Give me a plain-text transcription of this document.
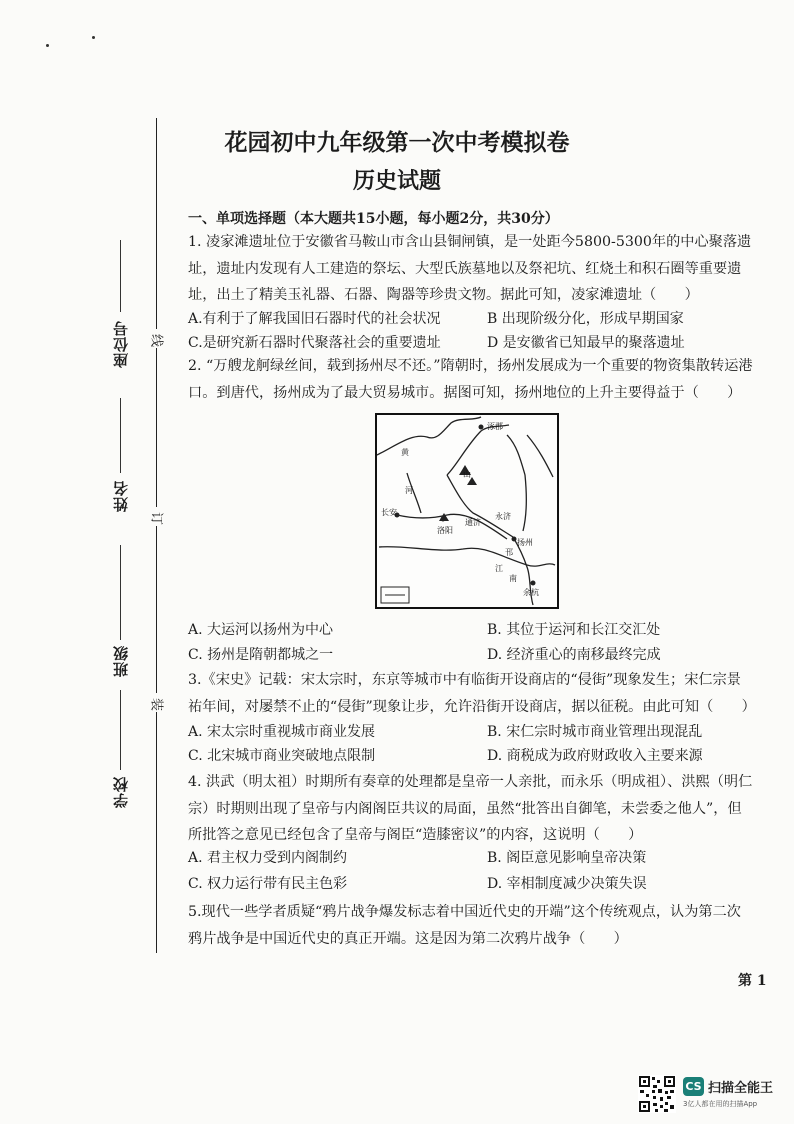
线
订
装
座位号
姓名
班级
学校
花园初中九年级第一次中考模拟卷
历史试题
一、单项选择题（本大题共15小题，每小题2分，共30分）
1. 凌家滩遗址位于安徽省马鞍山市含山县铜闸镇，是一处距今5800-5300年的中心聚落遗址，遗址内发现有人工建造的祭坛、大型氏族墓地以及祭祀坑、红烧土和积石圈等重要遗址，出土了精美玉礼器、石器、陶器等珍贵文物。据此可知，凌家滩遗址（　　）
A.有利于了解我国旧石器时代的社会状况	B 出现阶级分化，形成早期国家
C.是研究新石器时代聚落社会的重要遗址	D 是安徽省已知最早的聚落遗址
2. “万艘龙舸绿丝间，载到扬州尽不还。”隋朝时，扬州发展成为一个重要的物资集散转运港口。到唐代，扬州成为了最大贸易城市。据图可知，扬州地位的上升主要得益于（　　）
涿郡
黄
河
长安
洛阳
山
通济
永济
扬州
邗
江
南
余杭
A. 大运河以扬州为中心	B. 其位于运河和长江交汇处
C. 扬州是隋朝都城之一	D. 经济重心的南移最终完成
3.《宋史》记载：宋太宗时，东京等城市中有临街开设商店的“侵街”现象发生；宋仁宗景祐年间，对屡禁不止的“侵街”现象让步，允许沿街开设商店，据以征税。由此可知（　　）
A. 宋太宗时重视城市商业发展	B. 宋仁宗时城市商业管理出现混乱
C. 北宋城市商业突破地点限制	D. 商税成为政府财政收入主要来源
4. 洪武（明太祖）时期所有奏章的处理都是皇帝一人亲批，而永乐（明成祖）、洪熙（明仁宗）时期则出现了皇帝与内阁阁臣共议的局面，虽然“批答出自御笔，未尝委之他人”，但所批答之意见已经包含了皇帝与阁臣“造膝密议”的内容，这说明（　　）
A. 君主权力受到内阁制约	B. 阁臣意见影响皇帝决策
C. 权力运行带有民主色彩	D. 宰相制度减少决策失误
5.现代一些学者质疑“鸦片战争爆发标志着中国近代史的开端”这个传统观点，认为第二次鸦片战争是中国近代史的真正开端。这是因为第二次鸦片战争（　　）
第 1
CS 扫描全能王
3亿人都在用的扫描App
